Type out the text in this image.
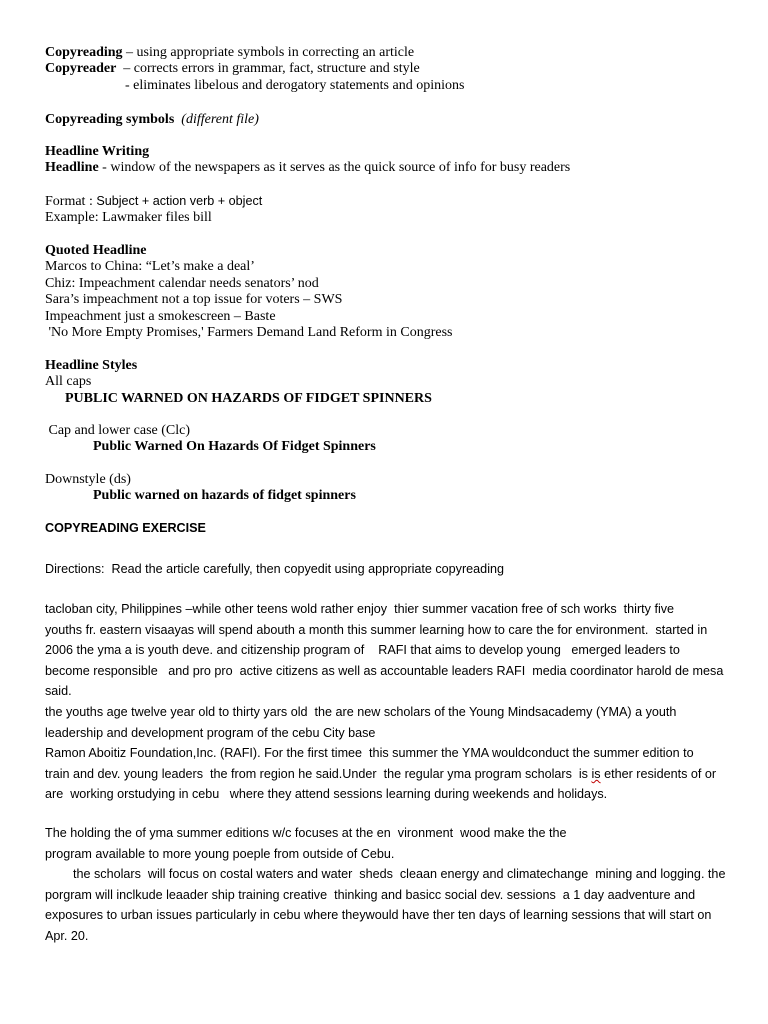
Copyreading – using appropriate symbols in correcting an article
Copyreader  – corrects errors in grammar, fact, structure and style
- eliminates libelous and derogatory statements and opinions
Copyreading symbols (different file)
Headline Writing
Headline - window of the newspapers as it serves as the quick source of info for busy readers
Format : Subject + action verb + object
Example: Lawmaker files bill
Quoted Headline
Marcos to China: “Let’s make a deal’
Chiz: Impeachment calendar needs senators’ nod
Sara’s impeachment not a top issue for voters – SWS
Impeachment just a smokescreen – Baste
'No More Empty Promises,' Farmers Demand Land Reform in Congress
Headline Styles
All caps
PUBLIC WARNED ON HAZARDS OF FIDGET SPINNERS
Cap and lower case (Clc)
Public Warned On Hazards Of Fidget Spinners
Downstyle (ds)
Public warned on hazards of fidget spinners
COPYREADING EXERCISE
Directions:  Read the article carefully, then copyedit using appropriate copyreading
tacloban city, Philippines –while other teens wold rather enjoy  thier summer vacation free of sch works  thirty five
youths fr. eastern visaayas will spend abouth a month this summer learning how to care the for environment.  started in
2006 the yma a is youth deve. and citizenship program of    RAFI that aims to develop young   emerged leaders to
become responsible   and pro pro  active citizens as well as accountable leaders RAFI  media coordinator harold de mesa
said.
the youths age twelve year old to thirty yars old  the are new scholars of the Young Mindsacademy (YMA) a youth
leadership and development program of the cebu City base
Ramon Aboitiz Foundation,Inc. (RAFI). For the first timee  this summer the YMA wouldconduct the summer edition to
train and dev. young leaders  the from region he said.Under  the regular yma program scholars  is is ether residents of or
are  working orstudying in cebu   where they attend sessions learning during weekends and holidays.
The holding the of yma summer editions w/c focuses at the en  vironment  wood make the the
program available to more young poeple from outside of Cebu.
the scholars  will focus on costal waters and water  sheds  cleaan energy and climatechange  mining and logging. the
porgram will inclkude leaader ship training creative  thinking and basicc social dev. sessions  a 1 day aadventure and
exposures to urban issues particularly in cebu where theywould have ther ten days of learning sessions that will start on
Apr. 20.
